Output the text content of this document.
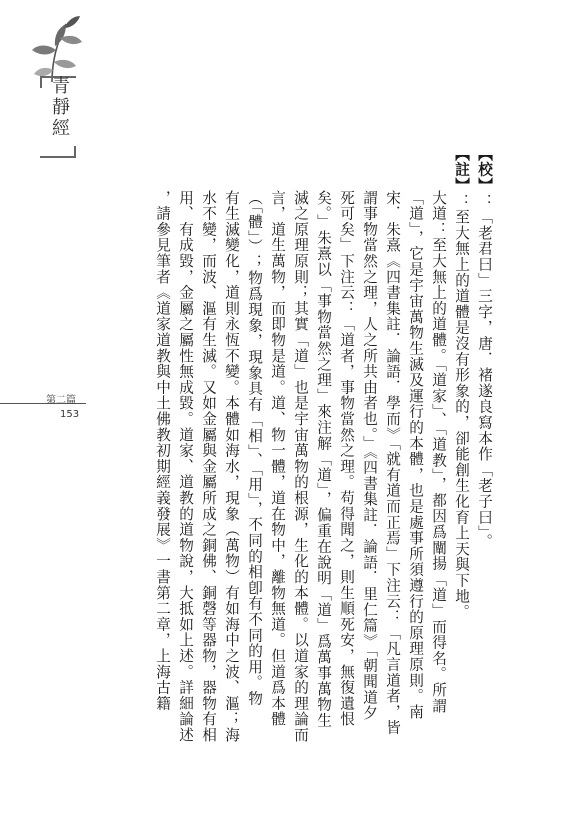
青靜經
第二篇
153
【校】：「老君曰」三字，唐．褚遂良寫本作「老子曰」。
【註】：至大無上的道體是沒有形象的，卻能創生化育上天與下地。
大道：至大無上的道體。「道家」、「道教」，都因爲闡揚「道」而得名。所謂
「道」，它是宇宙萬物生滅及運行的本體，也是處事所須遵行的原理原則。南
宋．朱熹《四書集註．論語．學而》「就有道而正焉」下注云：「凡言道者，皆
謂事物當然之理，人之所共由者也。」《四書集註．論語．里仁篇》「朝聞道夕
死可矣」下注云：「道者，事物當然之理。苟得聞之，則生順死安，無復遺恨
矣。」朱熹以「事物當然之理」來注解「道」，偏重在說明「道」爲萬事萬物生
滅之原理原則；其實「道」也是宇宙萬物的根源，生化的本體。以道家的理論而
言，道生萬物，而即物是道。道、物一體，道在物中，離物無道。但道爲本體
（「體」）；物爲現象，現象具有「相」、「用」，不同的相卽有不同的用。物
有生滅變化，道則永恆不變。本體如海水，現象（萬物）有如海中之波、漚；海
水不變，而波、漚有生滅。又如金屬與金屬所成之銅佛、銅磬等器物，器物有相
用、有成毀，金屬之屬性無成毀。道家、道教的道物說，大抵如上述。詳細論述
，請參見筆者《道家道教與中土佛教初期經義發展》一書第二章，上海古籍
